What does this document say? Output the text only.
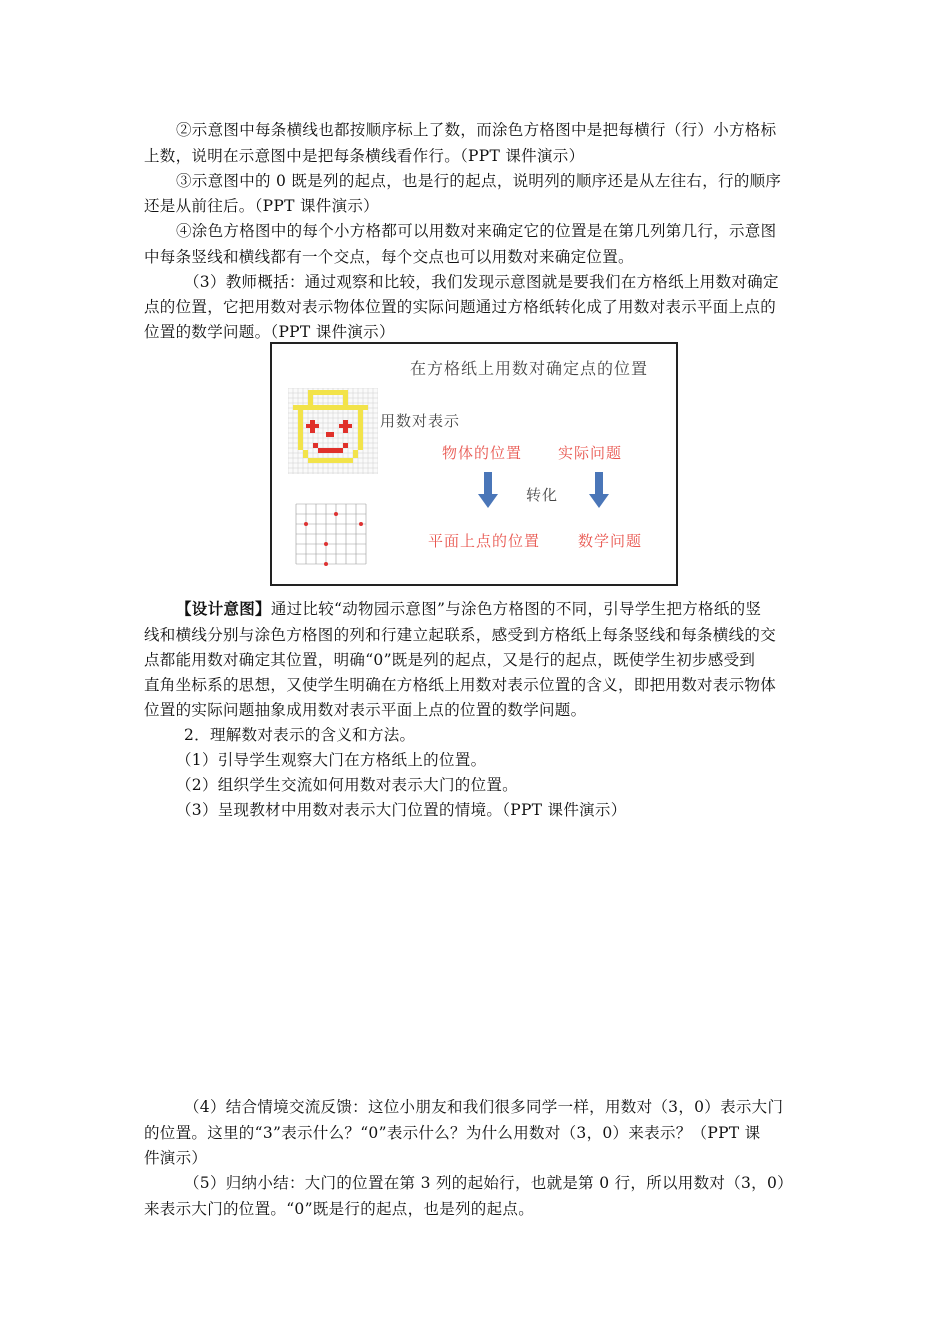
②示意图中每条横线也都按顺序标上了数，而涂色方格图中是把每横行（行）小方格标
上数，说明在示意图中是把每条横线看作行。（PPT 课件演示）
③示意图中的 0 既是列的起点，也是行的起点，说明列的顺序还是从左往右，行的顺序
还是从前往后。（PPT 课件演示）
④涂色方格图中的每个小方格都可以用数对来确定它的位置是在第几列第几行，示意图
中每条竖线和横线都有一个交点，每个交点也可以用数对来确定位置。
（3）教师概括：通过观察和比较，我们发现示意图就是要我们在方格纸上用数对确定
点的位置，它把用数对表示物体位置的实际问题通过方格纸转化成了用数对表示平面上点的
位置的数学问题。（PPT 课件演示）
在方格纸上用数对确定点的位置
用数对表示
物体的位置 实际问题
转化
平面上点的位置	数学问题
【设计意图】通过比较“动物园示意图”与涂色方格图的不同，引导学生把方格纸的竖
线和横线分别与涂色方格图的列和行建立起联系，感受到方格纸上每条竖线和每条横线的交
点都能用数对确定其位置，明确“0”既是列的起点，又是行的起点，既使学生初步感受到
直角坐标系的思想，又使学生明确在方格纸上用数对表示位置的含义，即把用数对表示物体
位置的实际问题抽象成用数对表示平面上点的位置的数学问题。
2．理解数对表示的含义和方法。
（1）引导学生观察大门在方格纸上的位置。
（2）组织学生交流如何用数对表示大门的位置。
（3）呈现教材中用数对表示大门位置的情境。（PPT 课件演示）
（4）结合情境交流反馈：这位小朋友和我们很多同学一样，用数对（3，0）表示大门
的位置。这里的“3”表示什么？“0”表示什么？为什么用数对（3，0）来表示？（PPT 课
件演示）
（5）归纳小结：大门的位置在第 3 列的起始行，也就是第 0 行，所以用数对（3，0）
来表示大门的位置。“0”既是行的起点，也是列的起点。
